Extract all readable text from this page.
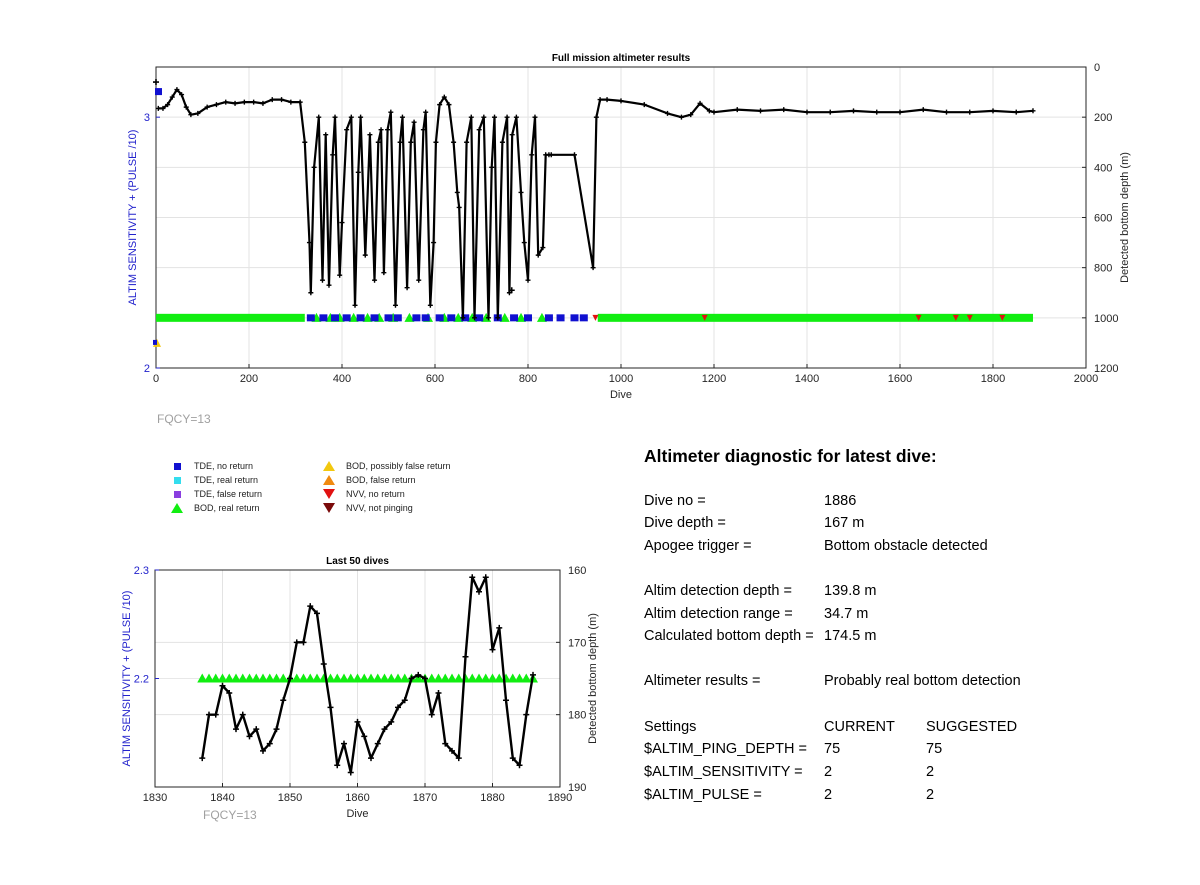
0	200	400	600	800	1000	1200	1400	1600	1800	2000
0
200
400
600
800
1000
1200
2
3
Full mission altimeter results
Dive
ALTIM SENSITIVITY + (PULSE /10)	Detected bottom depth (m)
1830	1840	1850	1860	1870	1880	1890
160
170
180
190
2.2
2.3
Last 50 dives
Dive
ALTIM SENSITIVITY + (PULSE /10)	Detected bottom depth (m)
FQCY=13
FQCY=13
TDE, no return
TDE, real return
TDE, false return
BOD, real return
BOD, possibly false return
BOD, false return
NVV, no return
NVV, not pinging
Altimeter diagnostic for latest dive:
Dive no =	1886
Dive depth =	167 m
Apogee trigger =	Bottom obstacle detected
Altim detection depth = 139.8 m
Altim detection range = 34.7 m
Calculated bottom depth = 174.5 m
Altimeter results =	Probably real bottom detection
Settings	CURRENT SUGGESTED
$ALTIM_PING_DEPTH = 75	75
$ALTIM_SENSITIVITY = 2	2
$ALTIM_PULSE =	2	2
